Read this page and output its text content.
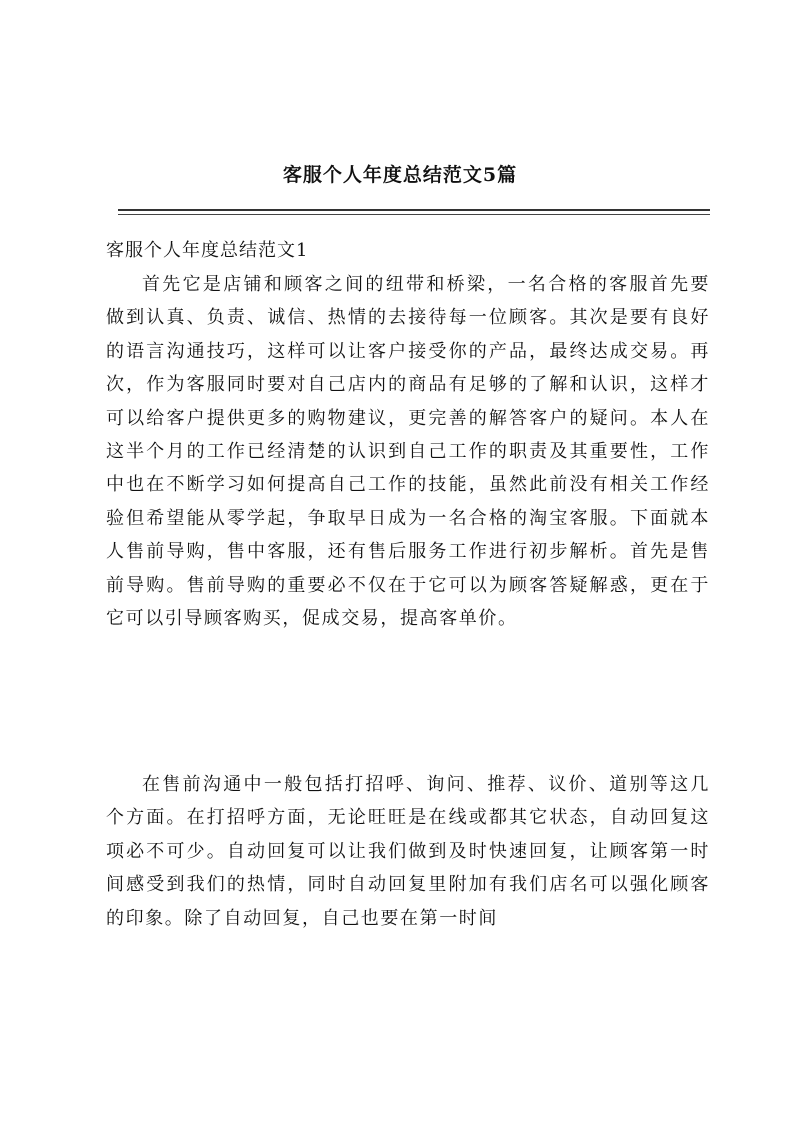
客服个人年度总结范文5篇
客服个人年度总结范文1

首先它是店铺和顾客之间的纽带和桥梁，一名合格的客服首先要做到认真、负责、诚信、热情的去接待每一位顾客。其次是要有良好的语言沟通技巧，这样可以让客户接受你的产品，最终达成交易。再次，作为客服同时要对自己店内的商品有足够的了解和认识，这样才可以给客户提供更多的购物建议，更完善的解答客户的疑问。本人在这半个月的工作已经清楚的认识到自己工作的职责及其重要性，工作中也在不断学习如何提高自己工作的技能，虽然此前没有相关工作经验但希望能从零学起，争取早日成为一名合格的淘宝客服。下面就本人售前导购，售中客服，还有售后服务工作进行初步解析。首先是售前导购。售前导购的重要必不仅在于它可以为顾客答疑解惑，更在于它可以引导顾客购买，促成交易，提高客单价。

在售前沟通中一般包括打招呼、询问、推荐、议价、道别等这几个方面。在打招呼方面，无论旺旺是在线或都其它状态，自动回复这项必不可少。自动回复可以让我们做到及时快速回复，让顾客第一时间感受到我们的热情，同时自动回复里附加有我们店名可以强化顾客的印象。除了自动回复，自己也要在第一时间
